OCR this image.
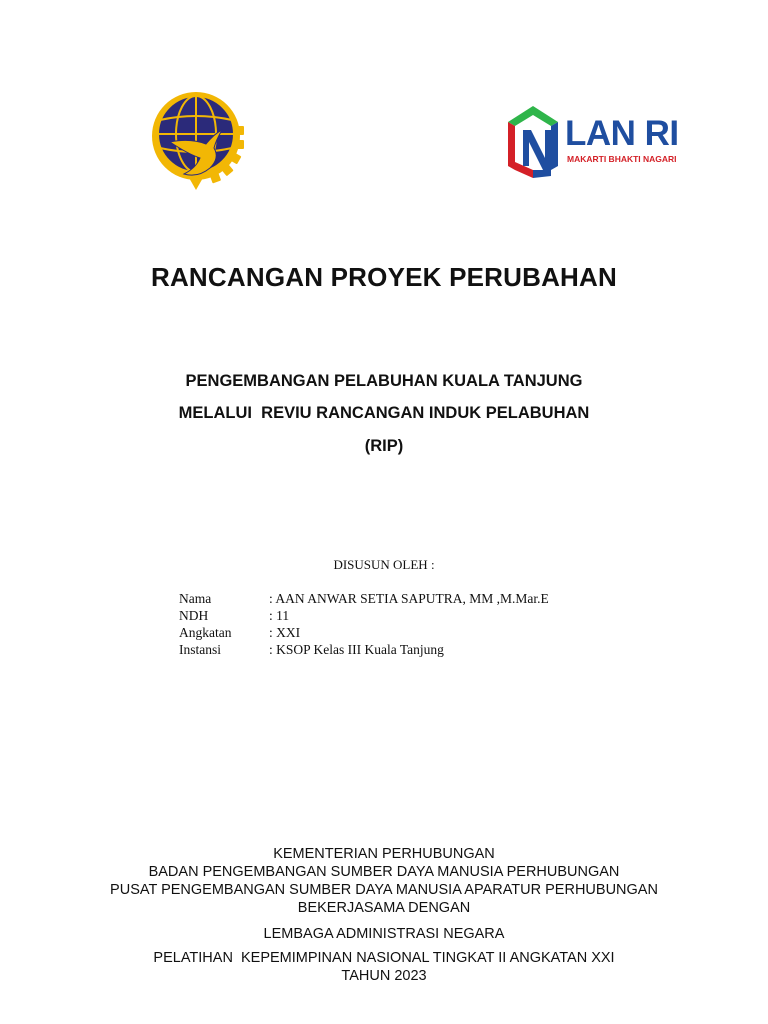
LAN RI
MAKARTI BHAKTI NAGARI
RANCANGAN PROYEK PERUBAHAN
PENGEMBANGAN PELABUHAN KUALA TANJUNG
MELALUI  REVIU RANCANGAN INDUK PELABUHAN
(RIP)
DISUSUN OLEH :
Nama	: AAN ANWAR SETIA SAPUTRA, MM ,M.Mar.E
NDH	: 11
Angkatan	: XXI
Instansi	: KSOP Kelas III Kuala Tanjung
KEMENTERIAN PERHUBUNGAN
BADAN PENGEMBANGAN SUMBER DAYA MANUSIA PERHUBUNGAN
PUSAT PENGEMBANGAN SUMBER DAYA MANUSIA APARATUR PERHUBUNGAN
BEKERJASAMA DENGAN
LEMBAGA ADMINISTRASI NEGARA
PELATIHAN  KEPEMIMPINAN NASIONAL TINGKAT II ANGKATAN XXI
TAHUN 2023
